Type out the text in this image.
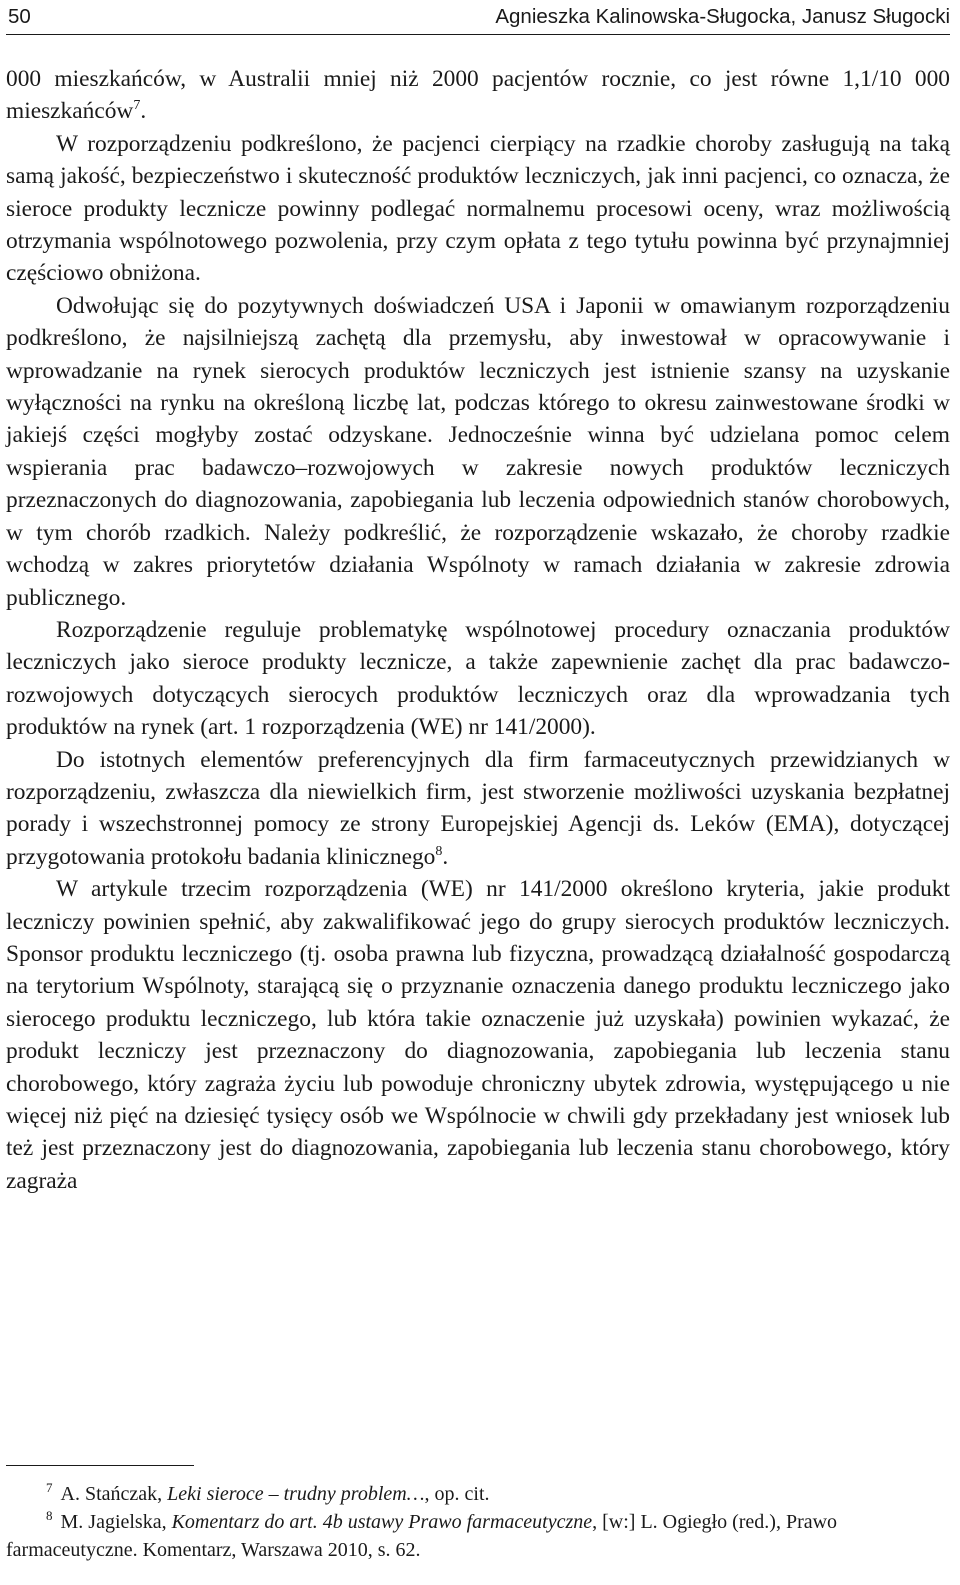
50	Agnieszka Kalinowska-Sługocka, Janusz Sługocki

000 mieszkańców, w Australii mniej niż 2000 pacjentów rocznie, co jest równe 1,1/10 000 mieszkańców$^7$.

W rozporządzeniu podkreślono, że pacjenci cierpiący na rzadkie choroby zasługują na taką samą jakość, bezpieczeństwo i skuteczność produktów leczniczych, jak inni pacjenci, co oznacza, że sieroce produkty lecznicze powinny podlegać normalnemu procesowi oceny, wraz możliwością otrzymania wspólnotowego pozwolenia, przy czym opłata z tego tytułu powinna być przynajmniej częściowo obniżona.

Odwołując się do pozytywnych doświadczeń USA i Japonii w omawianym rozporządzeniu podkreślono, że najsilniejszą zachętą dla przemysłu, aby inwestował w opracowywanie i wprowadzanie na rynek sierocych produktów leczniczych jest istnienie szansy na uzyskanie wyłączności na rynku na określoną liczbę lat, podczas którego to okresu zainwestowane środki w jakiejś części mogłyby zostać odzyskane. Jednocześnie winna być udzielana pomoc celem wspierania prac badawczo–rozwojowych w zakresie nowych produktów leczniczych przeznaczonych do diagnozowania, zapobiegania lub leczenia odpowiednich stanów chorobowych, w tym chorób rzadkich. Należy podkreślić, że rozporządzenie wskazało, że choroby rzadkie wchodzą w zakres priorytetów działania Wspólnoty w ramach działania w zakresie zdrowia publicznego.

Rozporządzenie reguluje problematykę wspólnotowej procedury oznaczania produktów leczniczych jako sieroce produkty lecznicze, a także zapewnienie zachęt dla prac badawczo-rozwojowych dotyczących sierocych produktów leczniczych oraz dla wprowadzania tych produktów na rynek (art. 1 rozporządzenia (WE) nr 141/2000).

Do istotnych elementów preferencyjnych dla firm farmaceutycznych przewidzianych w rozporządzeniu, zwłaszcza dla niewielkich firm, jest stworzenie możliwości uzyskania bezpłatnej porady i wszechstronnej pomocy ze strony Europejskiej Agencji ds. Leków (EMA), dotyczącej przygotowania protokołu badania klinicznego$^8$.

W artykule trzecim rozporządzenia (WE) nr 141/2000 określono kryteria, jakie produkt leczniczy powinien spełnić, aby zakwalifikować jego do grupy sierocych produktów leczniczych. Sponsor produktu leczniczego (tj. osoba prawna lub fizyczna, prowadzącą działalność gospodarczą na terytorium Wspólnoty, starającą się o przyznanie oznaczenia danego produktu leczniczego jako sierocego produktu leczniczego, lub która takie oznaczenie już uzyskała) powinien wykazać, że produkt leczniczy jest przeznaczony do diagnozowania, zapobiegania lub leczenia stanu chorobowego, który zagraża życiu lub powoduje chroniczny ubytek zdrowia, występującego u nie więcej niż pięć na dziesięć tysięcy osób we Wspólnocie w chwili gdy przekładany jest wniosek lub też jest przeznaczony jest do diagnozowania, zapobiegania lub leczenia stanu chorobowego, który zagraża

$^7$ A. Stańczak, Leki sieroce – trudny problem…, op. cit.

$^8$ M. Jagielska, Komentarz do art. 4b ustawy Prawo farmaceutyczne, [w:] L. Ogiegło (red.), Prawo farmaceutyczne. Komentarz, Warszawa 2010, s. 62.
